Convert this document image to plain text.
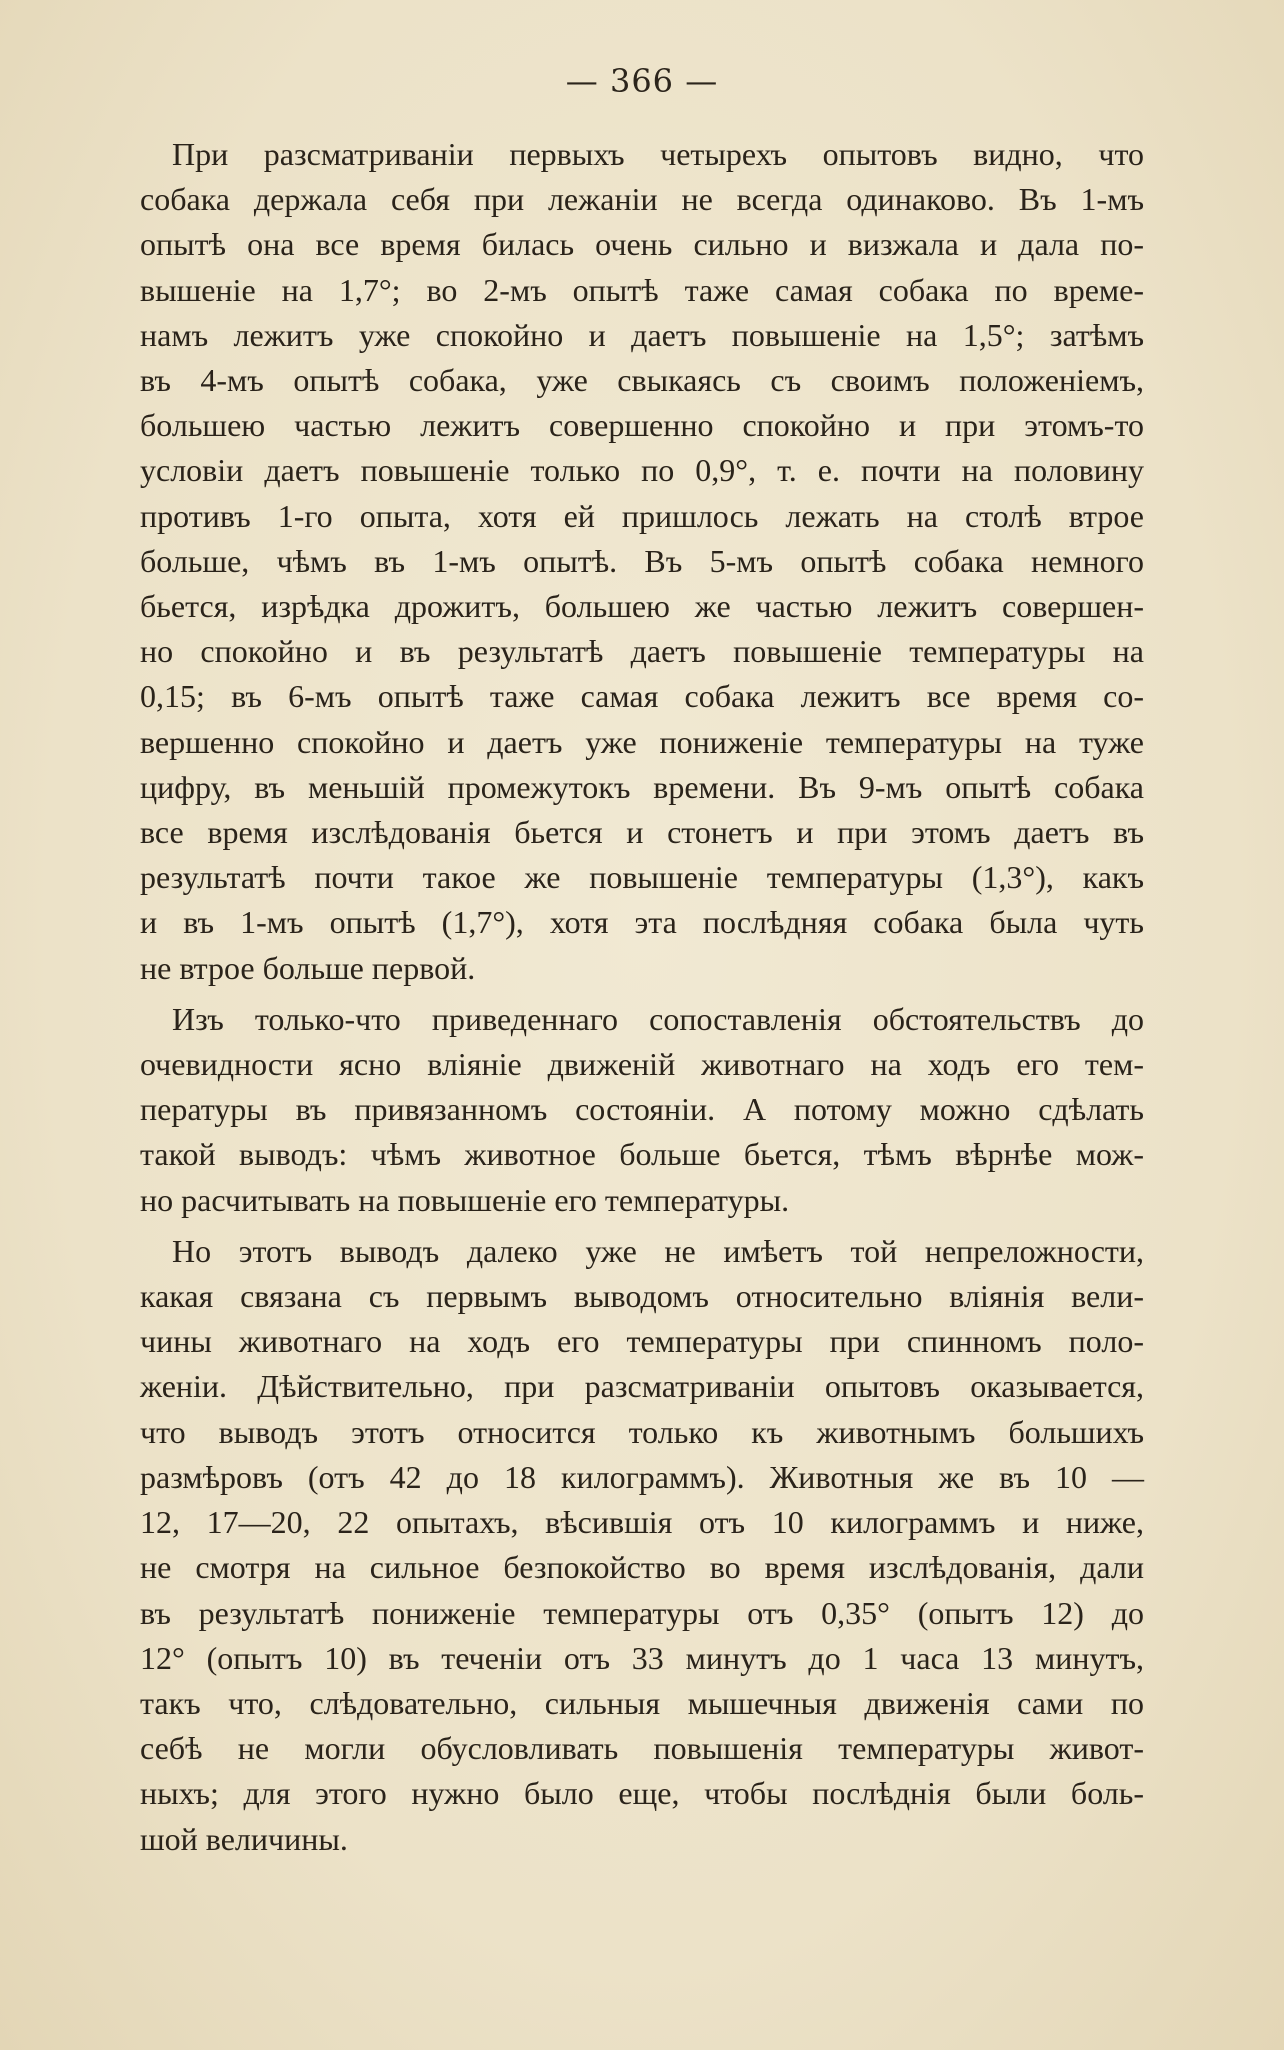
— 366 —
При разсматриванiи первыхъ четырехъ опытовъ видно, что
собака держала себя при лежанiи не всегда одинаково. Въ 1-мъ
опытѣ она все время билась очень сильно и визжала и дала по-
вышенiе на 1,7°; во 2-мъ опытѣ таже самая собака по време-
намъ лежитъ уже спокойно и даетъ повышенiе на 1,5°; затѣмъ
въ 4-мъ опытѣ собака, уже свыкаясь съ своимъ положенiемъ,
большею частью лежитъ совершенно спокойно и при этомъ-то
условiи даетъ повышенiе только по 0,9°, т. е. почти на половину
противъ 1-го опыта, хотя ей пришлось лежать на столѣ втрое
больше, чѣмъ въ 1-мъ опытѣ. Въ 5-мъ опытѣ собака немного
бьется, изрѣдка дрожитъ, большею же частью лежитъ совершен-
но спокойно и въ результатѣ даетъ повышенiе температуры на
0,15; въ 6-мъ опытѣ таже самая собака лежитъ все время со-
вершенно спокойно и даетъ уже пониженiе температуры на туже
цифру, въ меньшiй промежутокъ времени. Въ 9-мъ опытѣ собака
все время изслѣдованiя бьется и стонетъ и при этомъ даетъ въ
результатѣ почти такое же повышенiе температуры (1,3°), какъ
и въ 1-мъ опытѣ (1,7°), хотя эта послѣдняя собака была чуть
не втрое больше первой.
Изъ только-что приведеннаго сопоставленiя обстоятельствъ до
очевидности ясно влiянiе движенiй животнаго на ходъ его тем-
пературы въ привязанномъ состоянiи. А потому можно сдѣлать
такой выводъ: чѣмъ животное больше бьется, тѣмъ вѣрнѣе мож-
но расчитывать на повышенiе его температуры.
Но этотъ выводъ далеко уже не имѣетъ той непреложности,
какая связана съ первымъ выводомъ относительно влiянiя вели-
чины животнаго на ходъ его температуры при спинномъ поло-
женiи. Дѣйствительно, при разсматриванiи опытовъ оказывается,
что выводъ этотъ относится только къ животнымъ большихъ
размѣровъ (отъ 42 до 18 килограммъ). Животныя же въ 10 —
12, 17—20, 22 опытахъ, вѣсившiя отъ 10 килограммъ и ниже,
не смотря на сильное безпокойство во время изслѣдованiя, дали
въ результатѣ пониженiе температуры отъ 0,35° (опытъ 12) до
12° (опытъ 10) въ теченiи отъ 33 минутъ до 1 часа 13 минутъ,
такъ что, слѣдовательно, сильныя мышечныя движенiя сами по
себѣ не могли обусловливать повышенiя температуры живот-
ныхъ; для этого нужно было еще, чтобы послѣднiя были боль-
шой величины.
